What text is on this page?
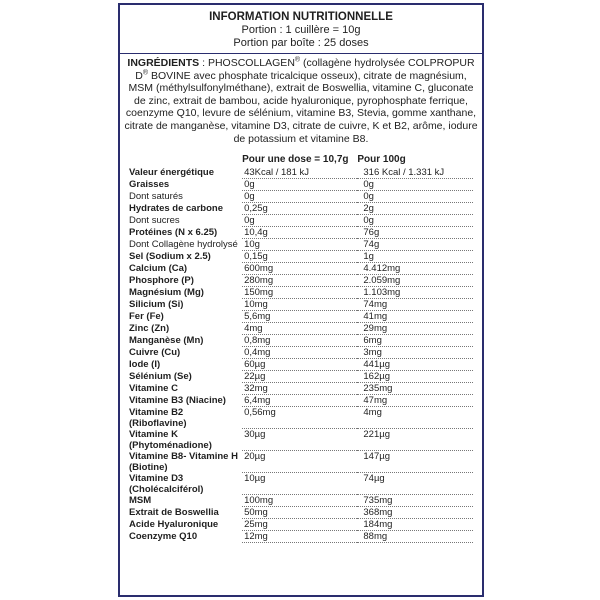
INFORMATION NUTRITIONNELLE
Portion : 1 cuillère = 10g
Portion par boîte : 25 doses
INGRÉDIENTS : PHOSCOLLAGEN® (collagène hydrolysée COLPROPUR D® BOVINE avec phosphate tricalcique osseux), citrate de magnésium, MSM (méthylsulfonylméthane), extrait de Boswellia, vitamine C, gluconate de zinc, extrait de bambou, acide hyaluronique, pyrophosphate ferrique, coenzyme Q10, levure de sélénium, vitamine B3, Stevia, gomme xanthane, citrate de manganèse, vitamine D3, citrate de cuivre, K et B2, arôme, iodure de potassium et vitamine B8.
	Pour une dose = 10,7g	Pour 100g
Valeur énergétique	43Kcal / 181 kJ	316 Kcal / 1.331 kJ
Graisses	0g	0g
Dont saturés	0g	0g
Hydrates de carbone	0,25g	2g
Dont sucres	0g	0g
Protéines (N x 6.25)	10,4g	76g
Dont Collagène hydrolysé	10g	74g
Sel (Sodium x 2.5)	0,15g	1g
Calcium (Ca)	600mg	4.412mg
Phosphore (P)	280mg	2.059mg
Magnésium (Mg)	150mg	1.103mg
Silicium (Si)	10mg	74mg
Fer (Fe)	5,6mg	41mg
Zinc (Zn)	4mg	29mg
Manganèse (Mn)	0,8mg	6mg
Cuivre (Cu)	0,4mg	3mg
Iode (I)	60µg	441µg
Sélénium (Se)	22µg	162µg
Vitamine C	32mg	235mg
Vitamine B3 (Niacine)	6,4mg	47mg
Vitamine B2 (Riboflavine)	0,56mg	4mg
Vitamine K (Phytoménadione)	30µg	221µg
Vitamine B8- Vitamine H (Biotine)	20µg	147µg
Vitamine D3 (Cholécalciférol)	10µg	74µg
MSM	100mg	735mg
Extrait de Boswellia	50mg	368mg
Acide Hyaluronique	25mg	184mg
Coenzyme Q10	12mg	88mg
